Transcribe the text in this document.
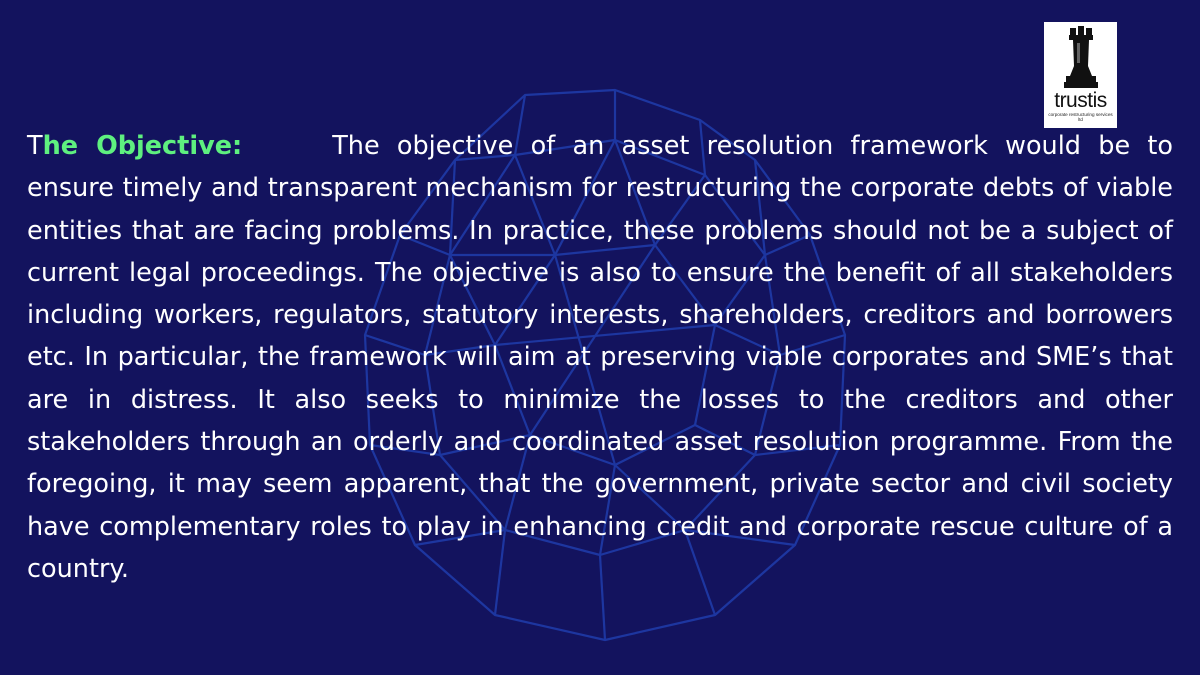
trustis
corporate restructuring services
ltd

The Objective:	The objective of an asset resolution framework would be to ensure timely and transparent mechanism for restructuring the corporate debts of viable entities that are facing problems. In practice, these problems should not be a subject of current legal proceedings. The objective is also to ensure the benefit of all stakeholders including workers, regulators, statutory interests, shareholders, creditors and borrowers etc. In particular, the framework will aim at preserving viable corporates and SME’s that are in distress. It also seeks to minimize the losses to the creditors and other stakeholders through an orderly and coordinated asset resolution programme. From the foregoing, it may seem apparent, that the government, private sector and civil society have complementary roles to play in enhancing credit and corporate rescue culture of a country.
